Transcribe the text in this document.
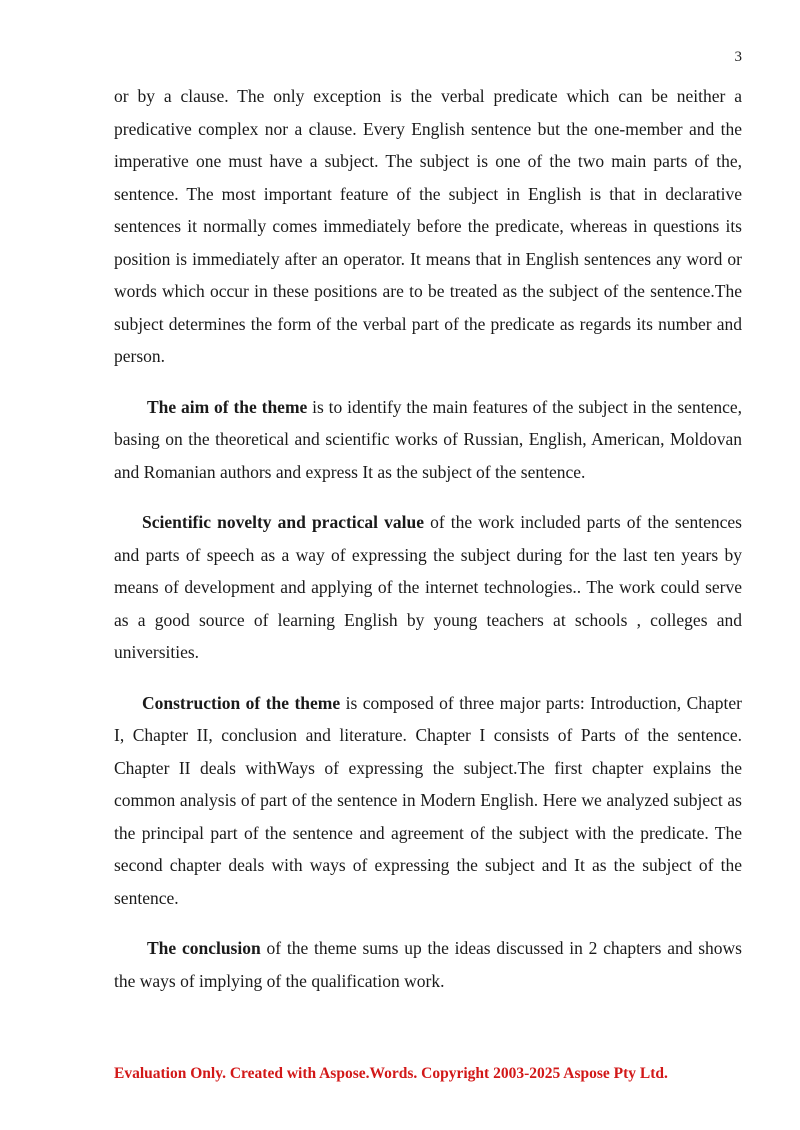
3

or by a clause. The only exception is the verbal predicate which can be neither a predicative complex nor a clause. Every English sentence but the one-member and the imperative one must have a subject. The subject is one of the two main parts of the, sentence. The most important feature of the subject in English is that in declarative sentences it normally comes immediately before the predicate, whereas in questions its position is immediately after an operator. It means that in English sentences any word or words which occur in these positions are to be treated as the subject of the sentence.The subject determines the form of the verbal part of the predicate as regards its number and person.

The aim of the theme is to identify the main features of the subject in the sentence, basing on the theoretical and scientific works of Russian, English, American, Moldovan and Romanian authors and express It as the subject of the sentence.

Scientific novelty and practical value of the work included parts of the sentences and parts of speech as a way of expressing the subject during for the last ten years by means of development and applying of the internet technologies.. The work could serve as a good source of learning English by young teachers at schools , colleges and universities.

Construction of the theme is composed of three major parts: Introduction, Chapter I, Chapter II, conclusion and literature. Chapter I consists of Parts of the sentence. Chapter II deals withWays of expressing the subject.The first chapter explains the common analysis of part of the sentence in Modern English. Here we analyzed subject as the principal part of the sentence and agreement of the subject with the predicate. The second chapter deals with ways of expressing the subject and It as the subject of the sentence.

The conclusion of the theme sums up the ideas discussed in 2 chapters and shows the ways of implying of the qualification work.

Evaluation Only. Created with Aspose.Words. Copyright 2003-2025 Aspose Pty Ltd.
